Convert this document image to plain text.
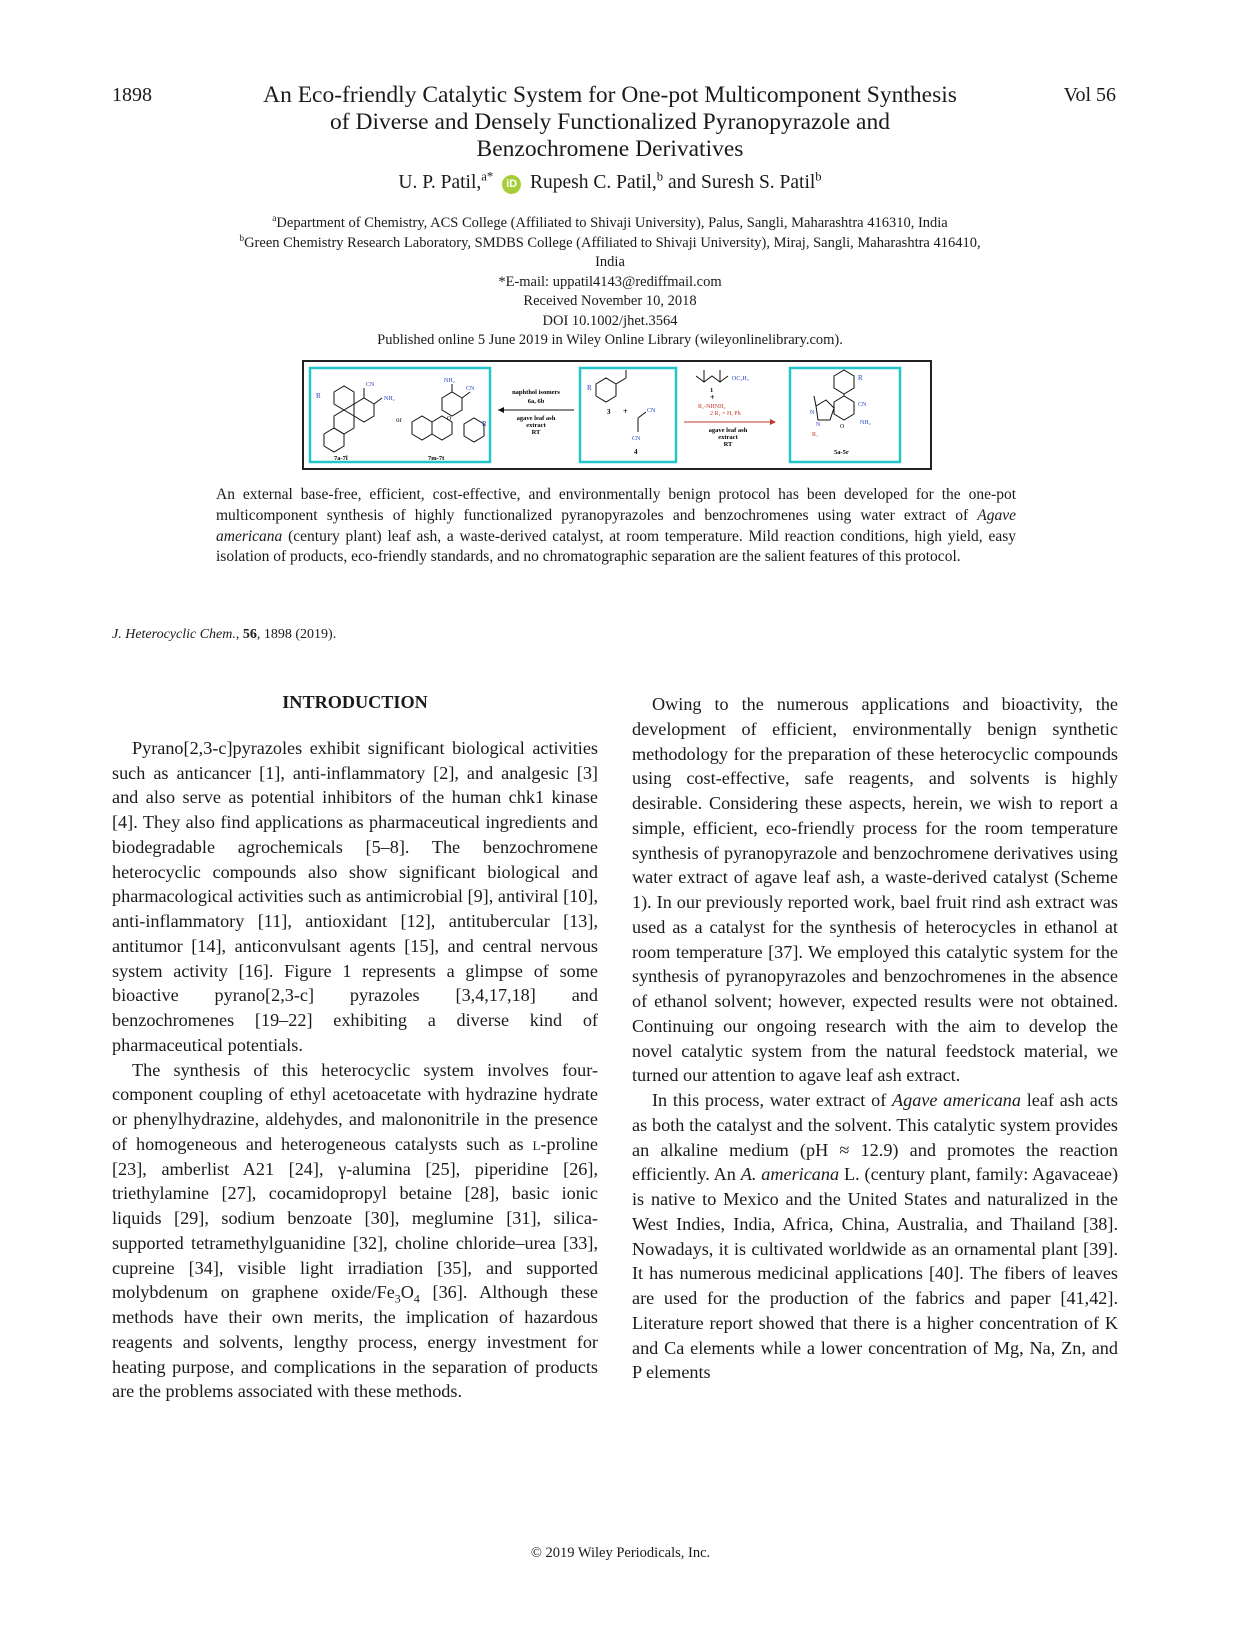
1898	Vol 56
An Eco-friendly Catalytic System for One-pot Multicomponent Synthesis
of Diverse and Densely Functionalized Pyranopyrazole and
Benzochromene Derivatives
U. P. Patil,$^{a*}$ iD Rupesh C. Patil,$^b$ and Suresh S. Patil$^b$
$^a$Department of Chemistry, ACS College (Affiliated to Shivaji University), Palus, Sangli, Maharashtra 416310, India
$^b$Green Chemistry Research Laboratory, SMDBS College (Affiliated to Shivaji University), Miraj, Sangli, Maharashtra 416410, India
*E-mail: uppatil4143@rediffmail.com
Received November 10, 2018
DOI 10.1002/jhet.3564
Published online 5 June 2019 in Wiley Online Library (wileyonlinelibrary.com).
R
CN
NH₂
7a-7l
or
NH₂
CN
O
R
7m-7t
naphthol isomers
6a, 6b
agave leaf ash
extract
RT
R
3 +	CN
CN
4
OC₂H₅
1
+
R₁-NHNH₂
2 R₁ = H, Ph
agave leaf ash
extract
RT
R
CN
NH₂
O
N
N
R₁
5a-5r
An external base-free, efficient, cost-effective, and environmentally benign protocol has been developed for the one-pot multicomponent synthesis of highly functionalized pyranopyrazoles and benzochromenes using water extract of Agave americana (century plant) leaf ash, a waste-derived catalyst, at room temperature. Mild reaction conditions, high yield, easy isolation of products, eco-friendly standards, and no chromatographic separation are the salient features of this protocol.
J. Heterocyclic Chem., 56, 1898 (2019).

INTRODUCTION

Pyrano[2,3-c]pyrazoles exhibit significant biological activities such as anticancer [1], anti-inflammatory [2], and analgesic [3] and also serve as potential inhibitors of the human chk1 kinase [4]. They also find applications as pharmaceutical ingredients and biodegradable agrochemicals [5–8]. The benzochromene heterocyclic compounds also show significant biological and pharmacological activities such as antimicrobial [9], antiviral [10], anti-inflammatory [11], antioxidant [12], antitubercular [13], antitumor [14], anticonvulsant agents [15], and central nervous system activity [16]. Figure 1 represents a glimpse of some bioactive pyrano[2,3-c] pyrazoles [3,4,17,18] and benzochromenes [19–22] exhibiting a diverse kind of pharmaceutical potentials.

The synthesis of this heterocyclic system involves four-component coupling of ethyl acetoacetate with hydrazine hydrate or phenylhydrazine, aldehydes, and malononitrile in the presence of homogeneous and heterogeneous catalysts such as l-proline [23], amberlist A21 [24], γ-alumina [25], piperidine [26], triethylamine [27], cocamidopropyl betaine [28], basic ionic liquids [29], sodium benzoate [30], meglumine [31], silica-supported tetramethylguanidine [32], choline chloride–urea [33], cupreine [34], visible light irradiation [35], and supported molybdenum on graphene oxide/$Fe_3O_4$ [36]. Although these methods have their own merits, the implication of hazardous reagents and solvents, lengthy process, energy investment for heating purpose, and complications in the separation of products are the problems associated with these methods.

Owing to the numerous applications and bioactivity, the development of efficient, environmentally benign synthetic methodology for the preparation of these heterocyclic compounds using cost-effective, safe reagents, and solvents is highly desirable. Considering these aspects, herein, we wish to report a simple, efficient, eco-friendly process for the room temperature synthesis of pyranopyrazole and benzochromene derivatives using water extract of agave leaf ash, a waste-derived catalyst (Scheme 1). In our previously reported work, bael fruit rind ash extract was used as a catalyst for the synthesis of heterocycles in ethanol at room temperature [37]. We employed this catalytic system for the synthesis of pyranopyrazoles and benzochromenes in the absence of ethanol solvent; however, expected results were not obtained. Continuing our ongoing research with the aim to develop the novel catalytic system from the natural feedstock material, we turned our attention to agave leaf ash extract.

In this process, water extract of Agave americana leaf ash acts as both the catalyst and the solvent. This catalytic system provides an alkaline medium (pH ≈ 12.9) and promotes the reaction efficiently. An A. americana L. (century plant, family: Agavaceae) is native to Mexico and the United States and naturalized in the West Indies, India, Africa, China, Australia, and Thailand [38]. Nowadays, it is cultivated worldwide as an ornamental plant [39]. It has numerous medicinal applications [40]. The fibers of leaves are used for the production of the fabrics and paper [41,42]. Literature report showed that there is a higher concentration of K and Ca elements while a lower concentration of Mg, Na, Zn, and P elements

© 2019 Wiley Periodicals, Inc.
